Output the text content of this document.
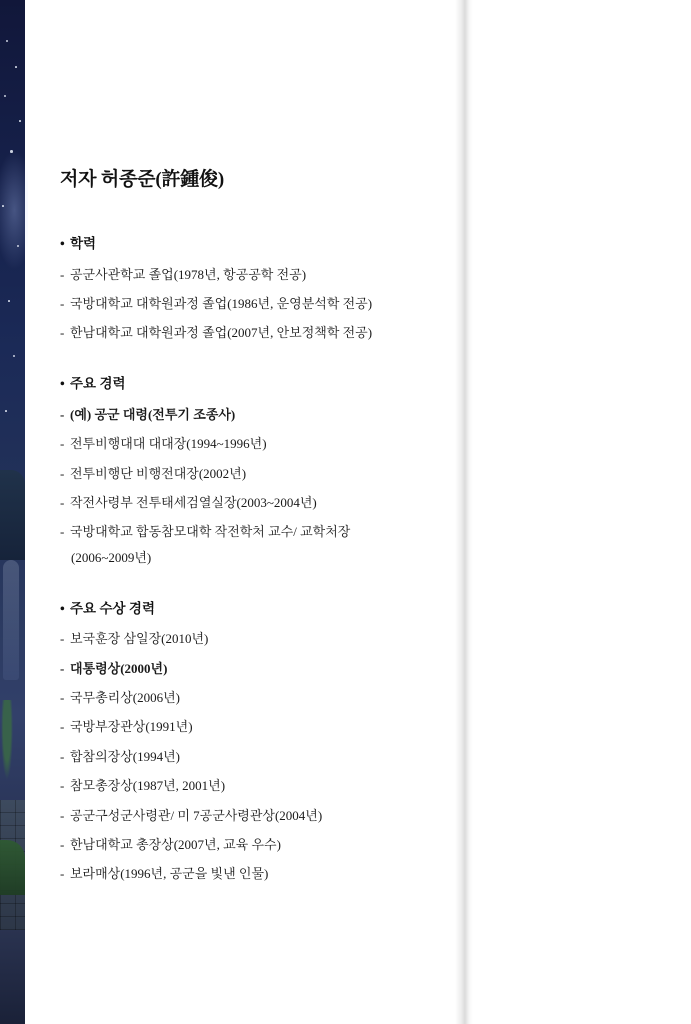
저자 허종준(許鍾俊)

• 학력

- 공군사관학교 졸업(1978년, 항공공학 전공)

- 국방대학교 대학원과정 졸업(1986년, 운영분석학 전공)

- 한남대학교 대학원과정 졸업(2007년, 안보정책학 전공)

• 주요 경력

- (예) 공군 대령(전투기 조종사)

- 전투비행대대 대대장(1994~1996년)

- 전투비행단 비행전대장(2002년)

- 작전사령부 전투태세검열실장(2003~2004년)

- 국방대학교 합동참모대학 작전학처 교수/ 교학처장

(2006~2009년)

• 주요 수상 경력

- 보국훈장 삼일장(2010년)

- 대통령상(2000년)

- 국무총리상(2006년)

- 국방부장관상(1991년)

- 합참의장상(1994년)

- 참모총장상(1987년, 2001년)

- 공군구성군사령관/ 미 7공군사령관상(2004년)

- 한남대학교 총장상(2007년, 교육 우수)

- 보라매상(1996년, 공군을 빛낸 인물)
